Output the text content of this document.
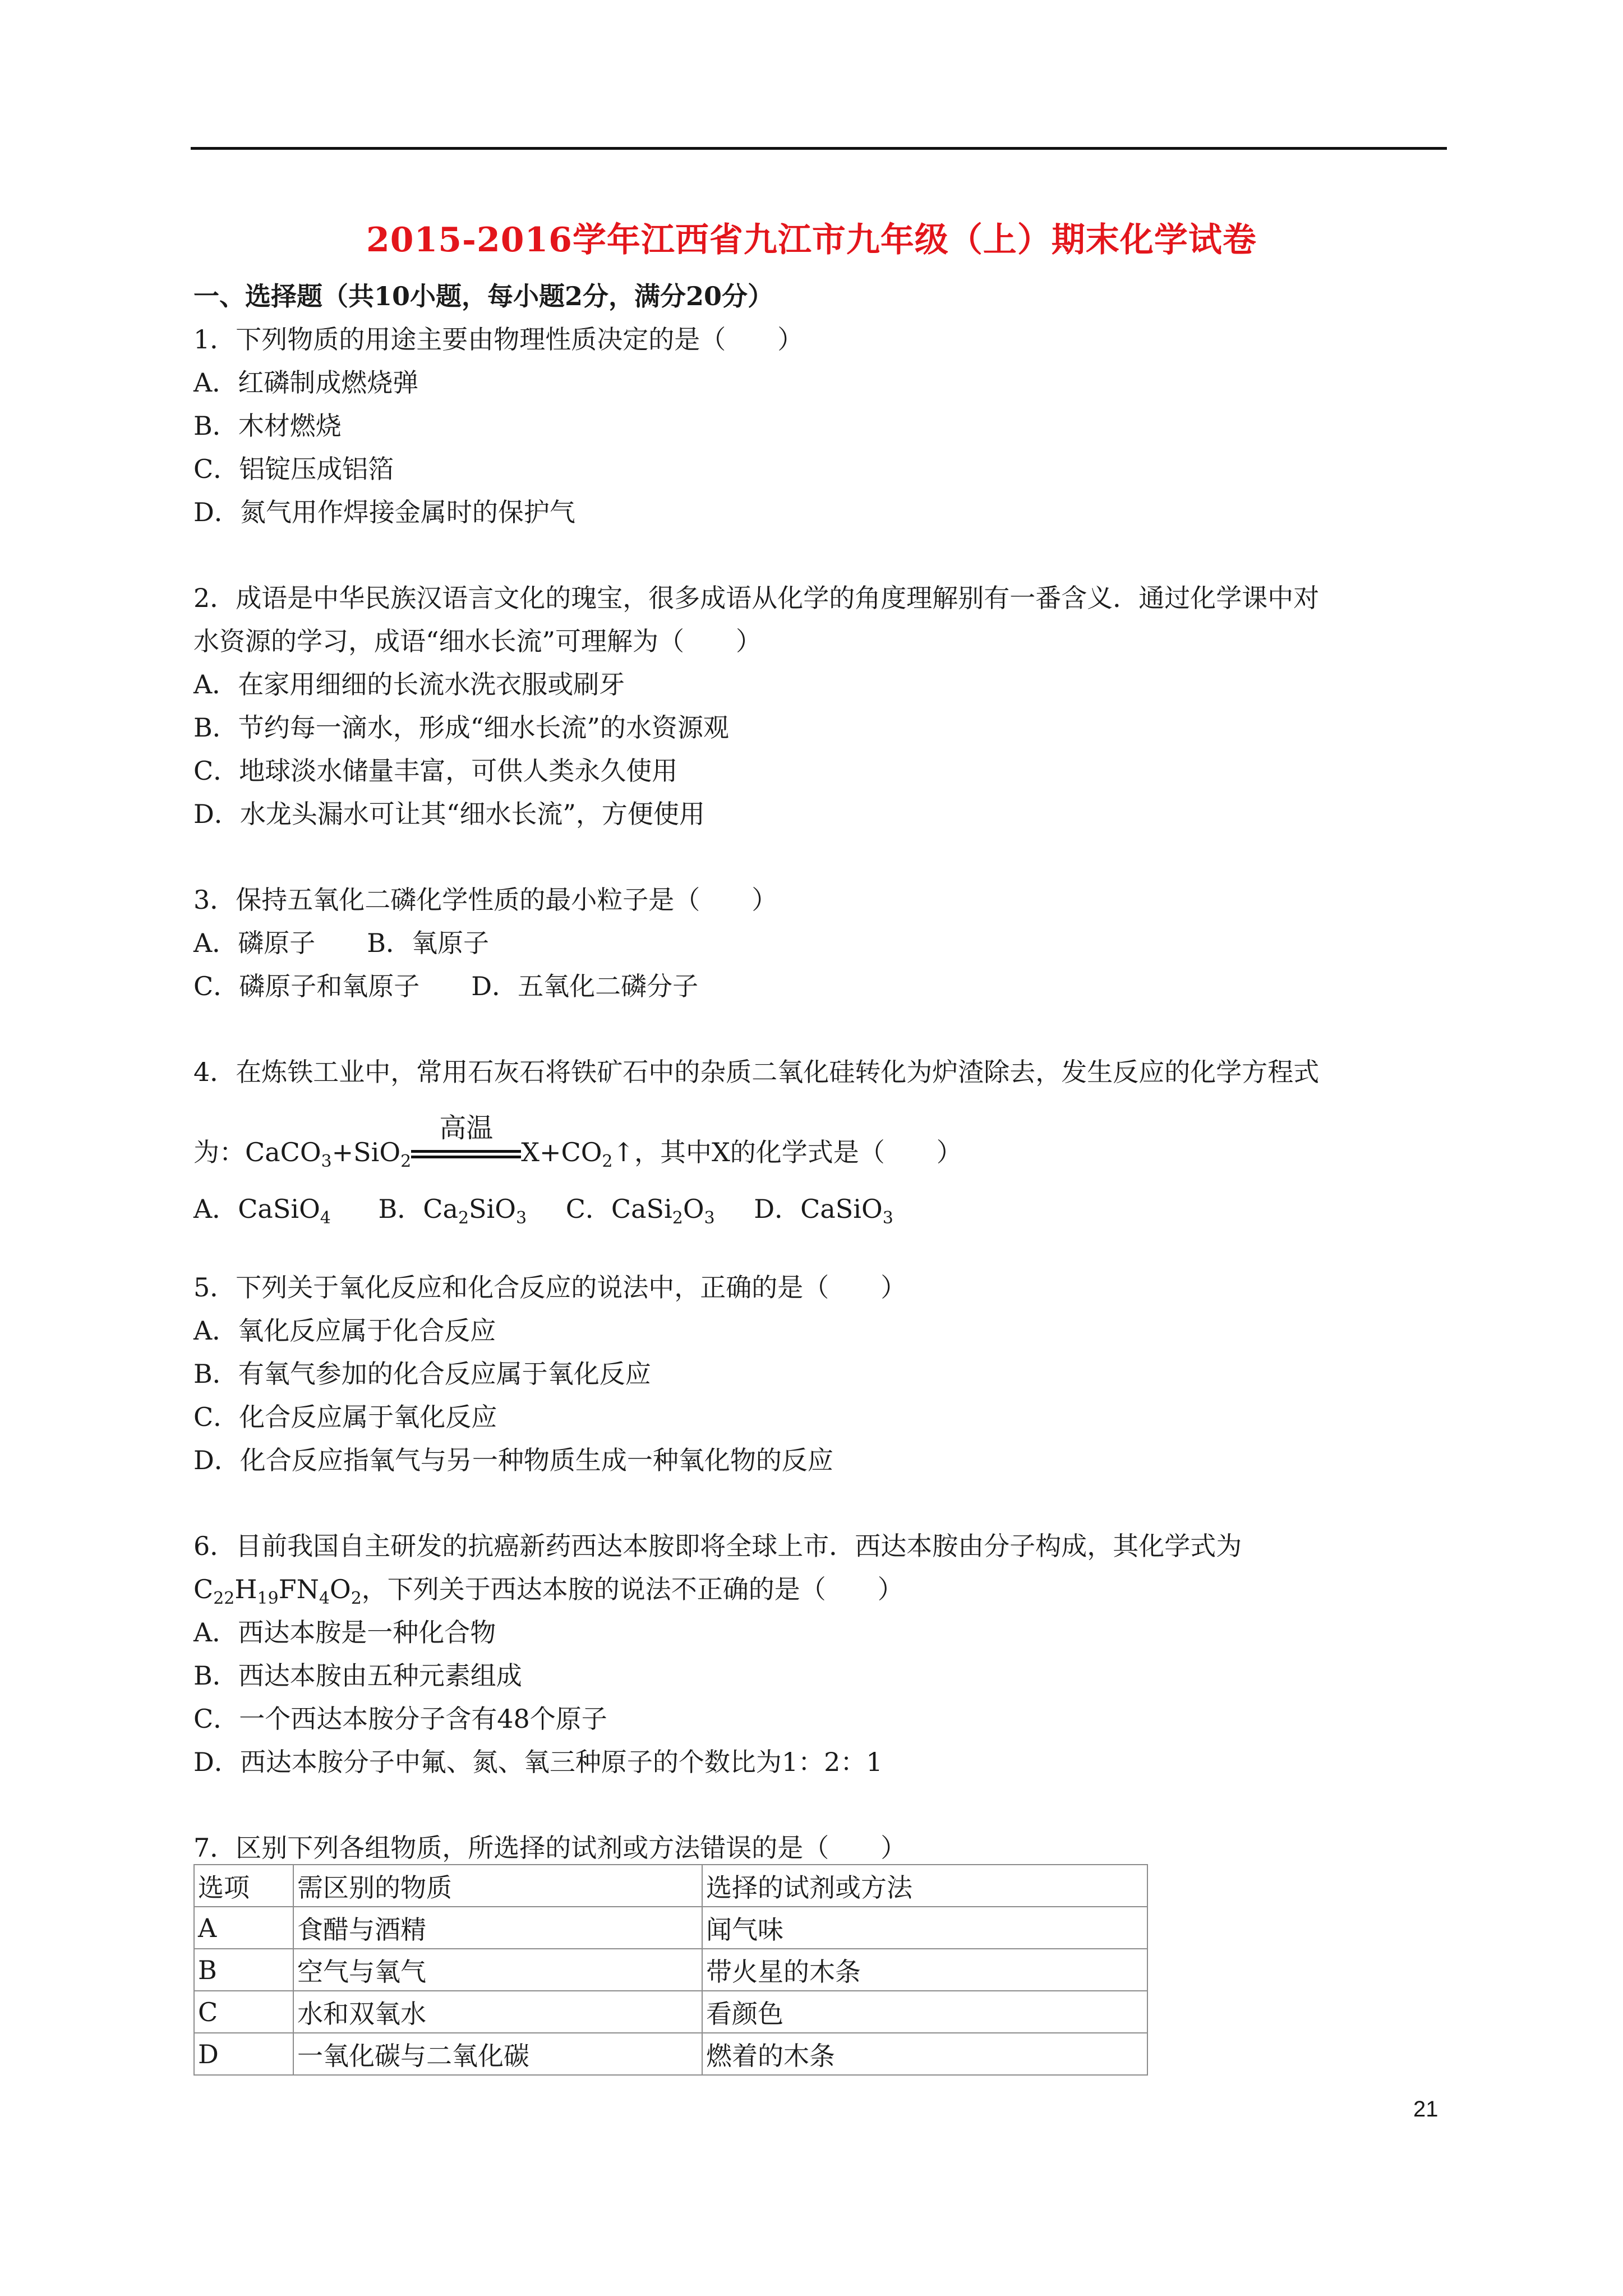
2015-2016学年江西省九江市九年级（上）期末化学试卷
一、选择题（共10小题，每小题2分，满分20分）
1．下列物质的用途主要由物理性质决定的是（　　）
A．红磷制成燃烧弹
B．木材燃烧
C．铝锭压成铝箔
D．氮气用作焊接金属时的保护气
2．成语是中华民族汉语言文化的瑰宝，很多成语从化学的角度理解别有一番含义．通过化学课中对
水资源的学习，成语“细水长流”可理解为（　　）
A．在家用细细的长流水洗衣服或刷牙
B．节约每一滴水，形成“细水长流”的水资源观
C．地球淡水储量丰富，可供人类永久使用
D．水龙头漏水可让其“细水长流”，方便使用
3．保持五氧化二磷化学性质的最小粒子是（　　）
A．磷原子　　B．氧原子
C．磷原子和氧原子　　D．五氧化二磷分子
4．在炼铁工业中，常用石灰石将铁矿石中的杂质二氧化硅转化为炉渣除去，发生反应的化学方程式
为：CaCO$_3$+SiO$_2$
高温
$X+CO_2↑$，其中X的化学式是（　　）
A．CaSiO$_4$ B．$Ca_2SiO_3$ C．$CaSi_2O_3$ D．CaSiO$_3$
5．下列关于氧化反应和化合反应的说法中，正确的是（　　）
A．氧化反应属于化合反应
B．有氧气参加的化合反应属于氧化反应
C．化合反应属于氧化反应
D．化合反应指氧气与另一种物质生成一种氧化物的反应
6．目前我国自主研发的抗癌新药西达本胺即将全球上市．西达本胺由分子构成，其化学式为
$C_{22}H_{19}FN_4O_2$，下列关于西达本胺的说法不正确的是（　　）
A．西达本胺是一种化合物
B．西达本胺由五种元素组成
C．一个西达本胺分子含有48个原子
D．西达本胺分子中氟、氮、氧三种原子的个数比为1：2：1
7．区别下列各组物质，所选择的试剂或方法错误的是（　　）
选项	需区别的物质	选择的试剂或方法
A	食醋与酒精	闻气味
B	空气与氧气	带火星的木条
C	水和双氧水	看颜色
D	一氧化碳与二氧化碳	燃着的木条
21
